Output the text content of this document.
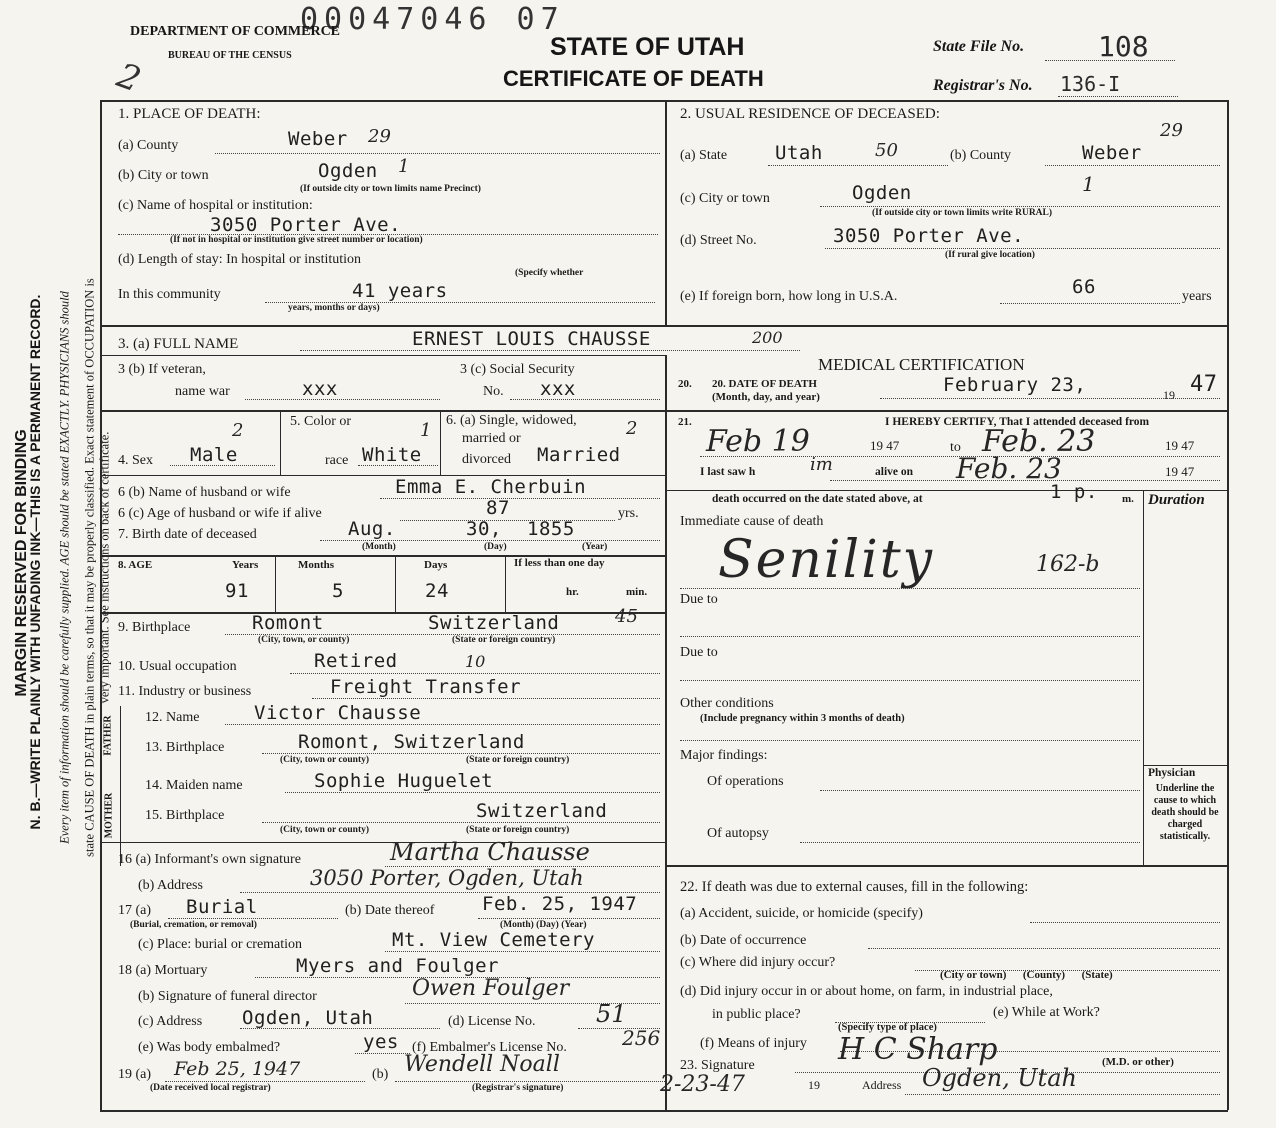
00047046 07
2
DEPARTMENT OF COMMERCE
BUREAU OF THE CENSUS	STATE OF UTAH
CERTIFICATE OF DEATH
State File No.	108
Registrar's No. 136-I
MARGIN RESERVED FOR BINDING
N. B.—WRITE PLAINLY WITH UNFADING INK—THIS IS A PERMANENT RECORD. Every item of information should be carefully supplied. AGE should be stated EXACTLY. PHYSICIANS should state CAUSE OF DEATH in plain terms, so that it may be properly classified. Exact statement of OCCUPATION is very important. See instructions on back of certificate.
1. PLACE OF DEATH:
(a) County	Weber 29
(b) City or town	Ogden 1
(If outside city or town limits name Precinct)
(c) Name of hospital or institution:
3050 Porter Ave.
(If not in hospital or institution give street number or location)
(d) Length of stay: In hospital or institution
(Specify whether
In this community	41 years
years, months or days)
2. USUAL RESIDENCE OF DECEASED:
(a) State	Utah	50	(b) County	Weber
29
(c) City or town	Ogden	1
(If outside city or town limits write RURAL)
(d) Street No.	3050 Porter Ave.
(If rural give location)
(e) If foreign born, how long in U.S.A.	66	years
3. (a) FULL NAME	ERNEST LOUIS CHAUSSE	200
3 (b) If veteran,
name war	xxx
3 (c) Social Security
No. xxx
4. Sex Male
2	5. Color or
race White
1 6. (a) Single, widowed,
married or
divorced Married
2
6 (b) Name of husband or wife	Emma E. Cherbuin
6 (c) Age of husband or wife if alive	87	yrs.
7. Birth date of deceased	Aug.	30, 1855
(Month)	(Day)	(Year)
8. AGE	Years	Months	Days	If less than one day
91	5	24	hr.	min.
9. Birthplace	Romont	Switzerland	45
(City, town, or county)	(State or foreign country)
10. Usual occupation	Retired	10
11. Industry or business	Freight Transfer
FATHER
MOTHER
12. Name	Victor Chausse
13. Birthplace	Romont, Switzerland
(City, town or county)	(State or foreign country)
14. Maiden name	Sophie Huguelet
15. Birthplace	Switzerland
(City, town or county)	(State or foreign country)
16 (a) Informant's own signature	Martha Chausse
(b) Address	3050 Porter, Ogden, Utah
17 (a) Burial
(Burial, cremation, or removal)
(b) Date thereof	Feb. 25, 1947
(Month) (Day) (Year)
(c) Place: burial or cremation	Mt. View Cemetery
18 (a) Mortuary	Myers and Foulger
(b) Signature of funeral director	Owen Foulger
(c) Address Ogden, Utah	(d) License No.	51
(e) Was body embalmed?	yes (f) Embalmer's License No.	256
19 (a) Feb 25, 1947
(Date received local registrar)
(b) Wendell Noall
(Registrar's signature)
MEDICAL CERTIFICATION
20. DATE OF DEATH
(Month, day, and year)
20.	February 23,	19 47
21.	I HEREBY CERTIFY, That I attended deceased from
Feb 19	19 47	to Feb. 23	19 47
I last saw h	im	alive on Feb. 23	19 47
death occurred on the date stated above, at	1 p. m. Duration
Immediate cause of death
Senility	162-b
Due to
Due to
Other conditions
(Include pregnancy within 3 months of death)
Major findings:
Of operations
Of autopsy
Physician
Underline the cause to which death should be charged statistically.
22. If death was due to external causes, fill in the following:
(a) Accident, suicide, or homicide (specify)
(b) Date of occurrence
(c) Where did injury occur?
(City or town)      (County)      (State)
(d) Did injury occur in or about home, on farm, in industrial place,
in public place?
(Specify type of place)
(e) While at Work?
(f) Means of injury
23. Signature	H C Sharp	(M.D. or other)
2-23-47	19	Address Ogden, Utah
